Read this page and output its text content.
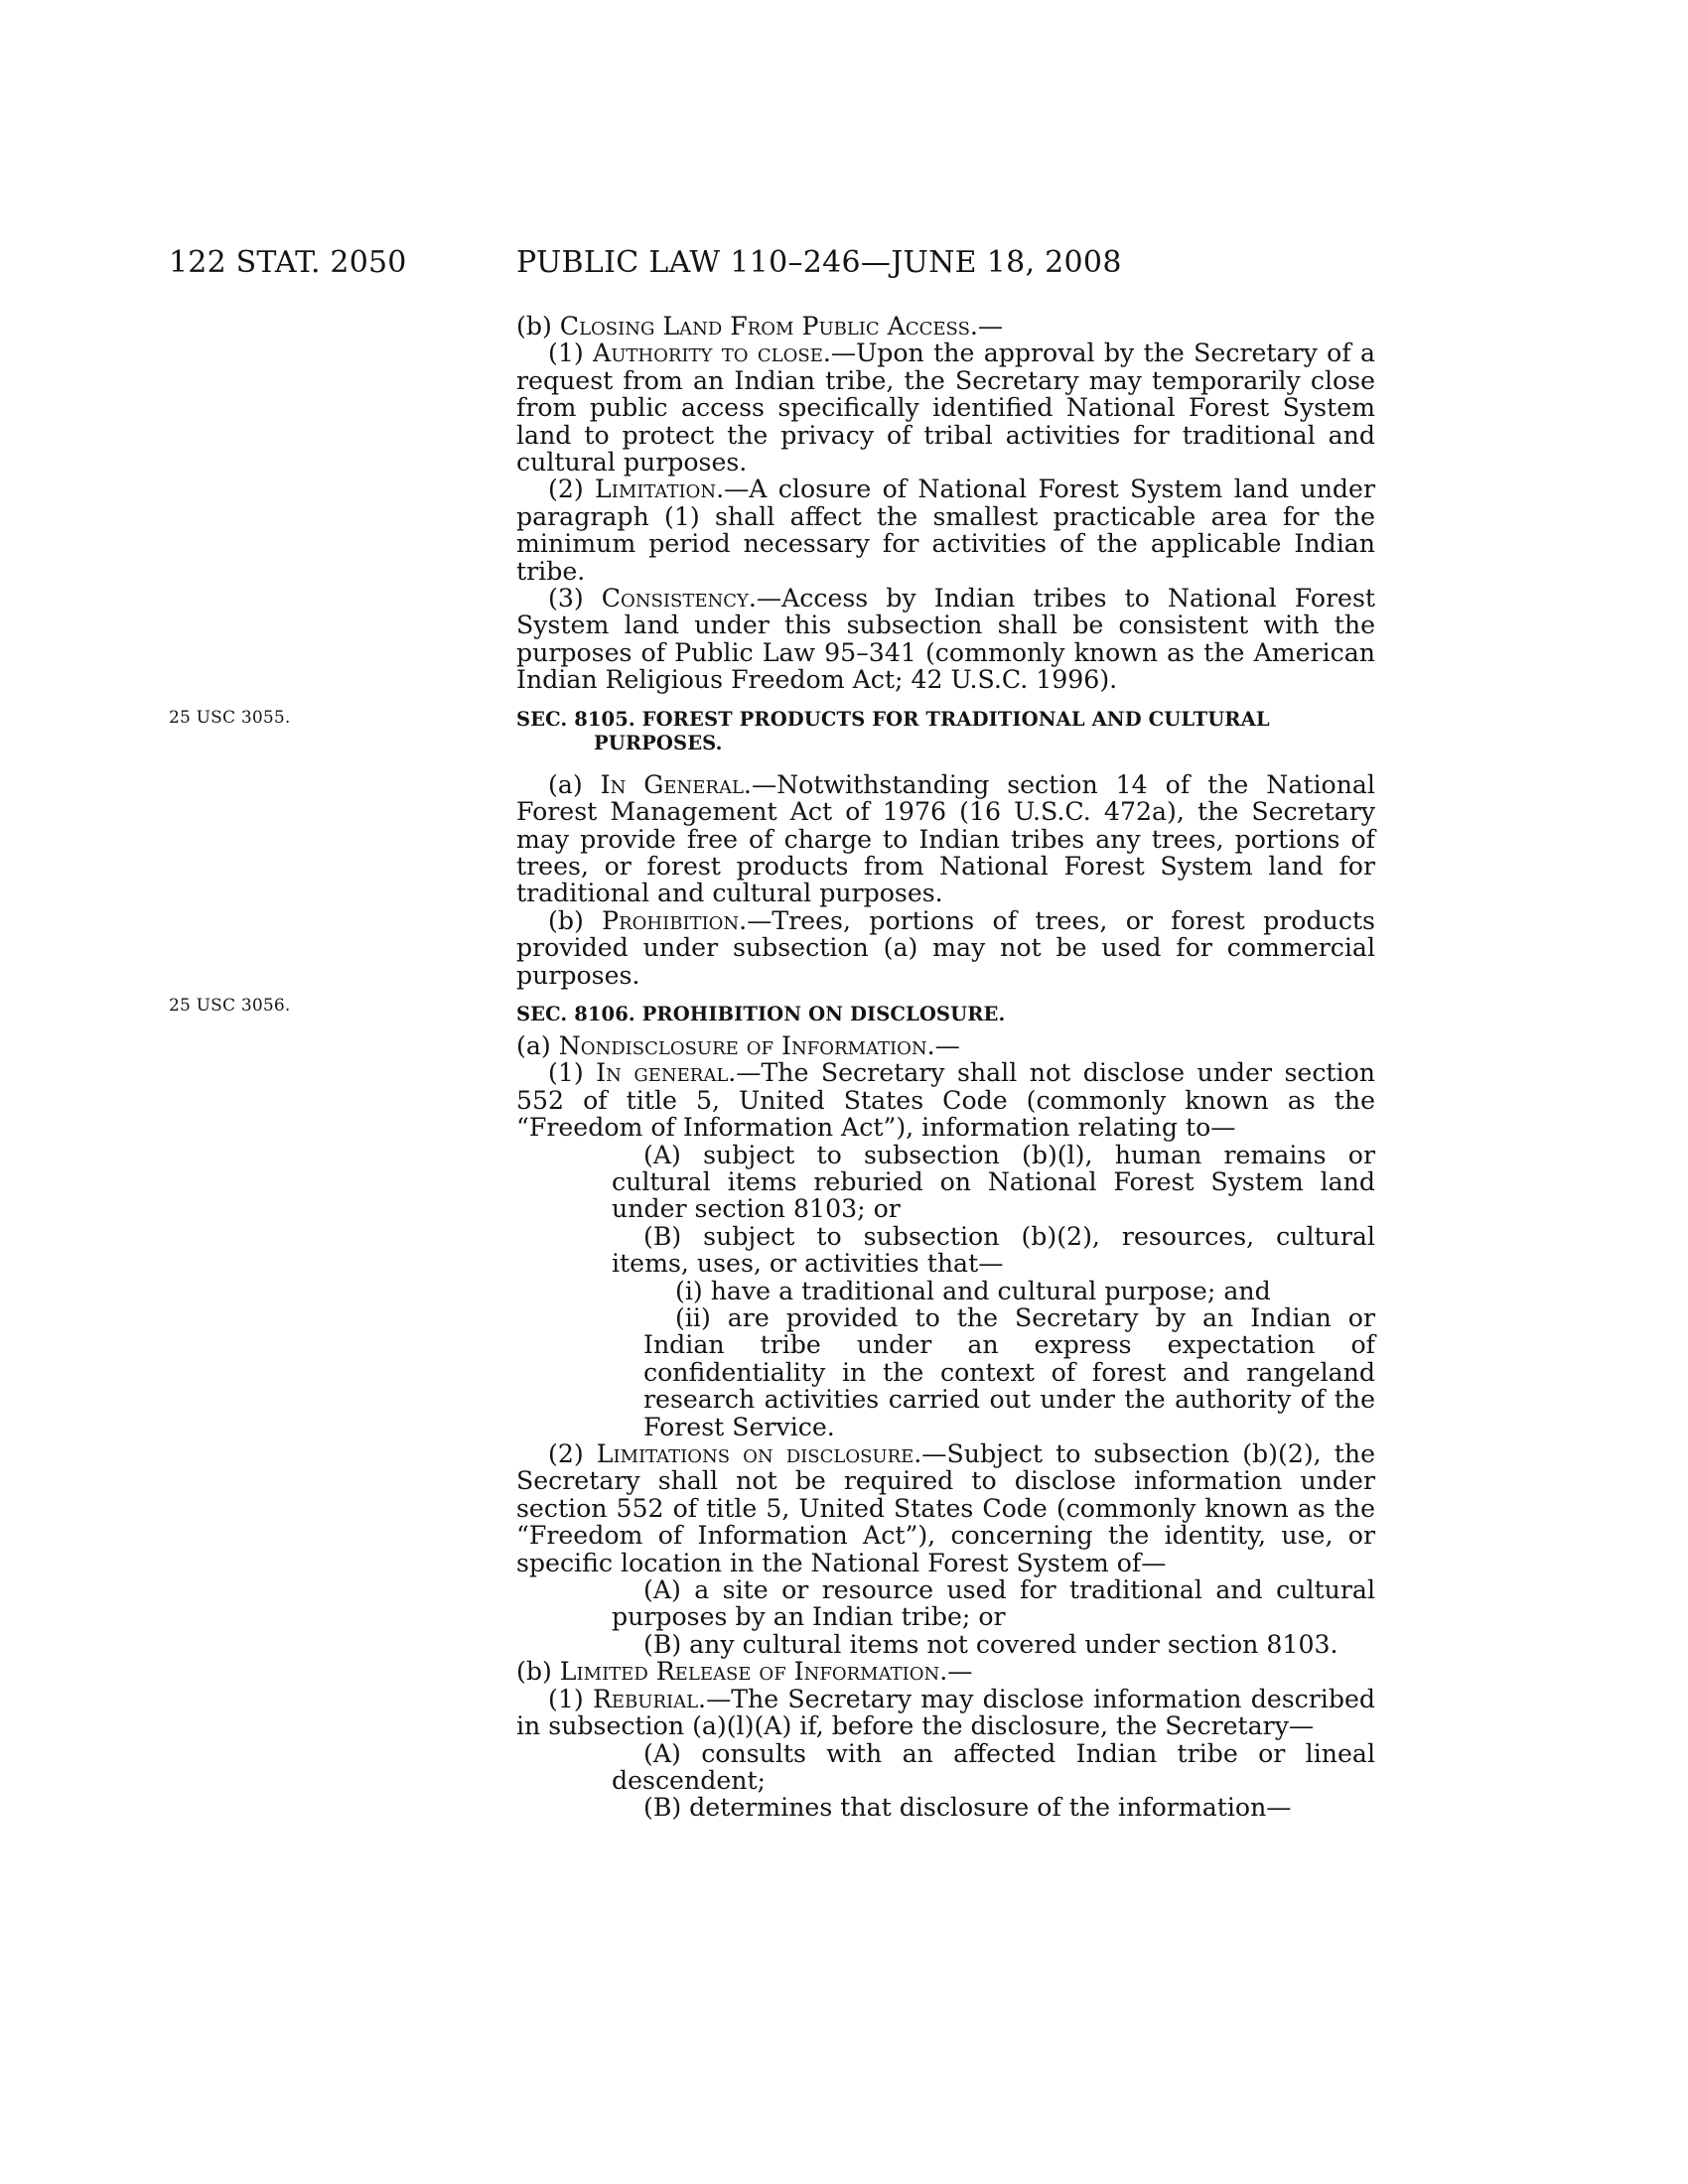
122 STAT. 2050	PUBLIC LAW 110–246—JUNE 18, 2008
25 USC 3055.
25 USC 3056.

(b) Closing Land From Public Access.—

(1) Authority to close.—Upon the approval by the Secretary of a request from an Indian tribe, the Secretary may temporarily close from public access specifically identified National Forest System land to protect the privacy of tribal activities for traditional and cultural purposes.

(2) Limitation.—A closure of National Forest System land under paragraph (1) shall affect the smallest practicable area for the minimum period necessary for activities of the applicable Indian tribe.

(3) Consistency.—Access by Indian tribes to National Forest System land under this subsection shall be consistent with the purposes of Public Law 95–341 (commonly known as the American Indian Religious Freedom Act; 42 U.S.C. 1996).

SEC. 8105. FOREST PRODUCTS FOR TRADITIONAL AND CULTURAL PURPOSES.

(a) In General.—Notwithstanding section 14 of the National Forest Management Act of 1976 (16 U.S.C. 472a), the Secretary may provide free of charge to Indian tribes any trees, portions of trees, or forest products from National Forest System land for traditional and cultural purposes.

(b) Prohibition.—Trees, portions of trees, or forest products provided under subsection (a) may not be used for commercial purposes.

SEC. 8106. PROHIBITION ON DISCLOSURE.

(a) Nondisclosure of Information.—

(1) In general.—The Secretary shall not disclose under section 552 of title 5, United States Code (commonly known as the “Freedom of Information Act”), information relating to—

(A) subject to subsection (b)(l), human remains or cultural items reburied on National Forest System land under section 8103; or

(B) subject to subsection (b)(2), resources, cultural items, uses, or activities that—

(i) have a traditional and cultural purpose; and

(ii) are provided to the Secretary by an Indian or Indian tribe under an express expectation of confidentiality in the context of forest and rangeland research activities carried out under the authority of the Forest Service.

(2) Limitations on disclosure.—Subject to subsection (b)(2), the Secretary shall not be required to disclose information under section 552 of title 5, United States Code (commonly known as the “Freedom of Information Act”), concerning the identity, use, or specific location in the National Forest System of—

(A) a site or resource used for traditional and cultural purposes by an Indian tribe; or

(B) any cultural items not covered under section 8103.

(b) Limited Release of Information.—

(1) Reburial.—The Secretary may disclose information described in subsection (a)(l)(A) if, before the disclosure, the Secretary—

(A) consults with an affected Indian tribe or lineal descendent;

(B) determines that disclosure of the information—
